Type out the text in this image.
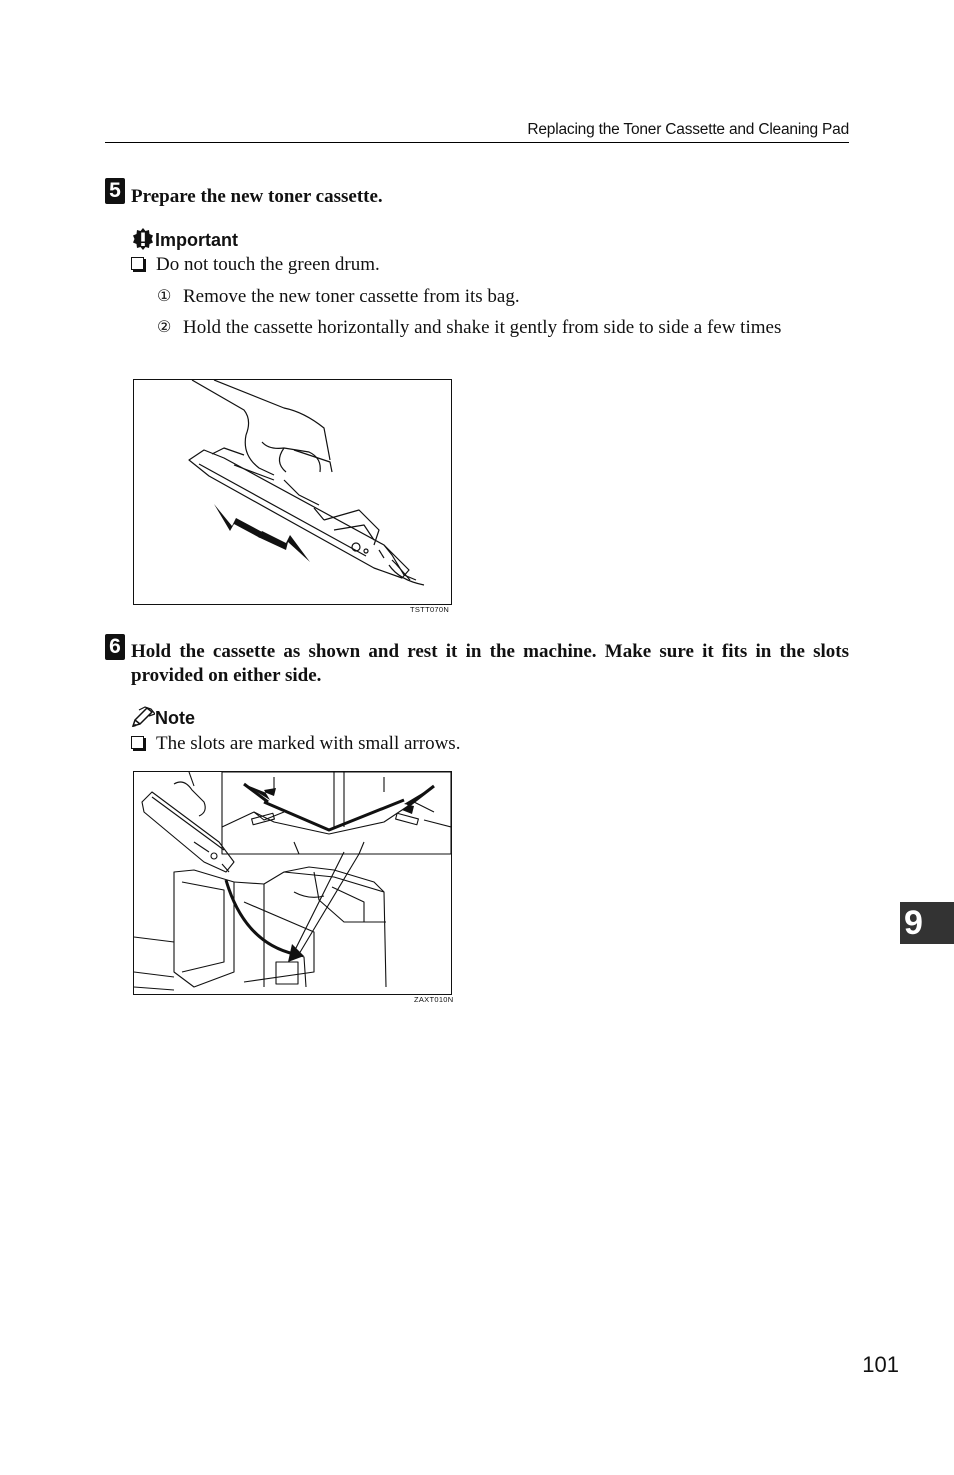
Replacing the Toner Cassette and Cleaning Pad
5 Prepare the new toner cassette.
Important
Do not touch the green drum.
① Remove the new toner cassette from its bag.
② Hold the cassette horizontally and shake it gently from side to side a few times
TSTT070N
6 Hold the cassette as shown and rest it in the machine. Make sure it fits in the slots provided on either side.
Note
The slots are marked with small arrows.
ZAXT010N
9
101
